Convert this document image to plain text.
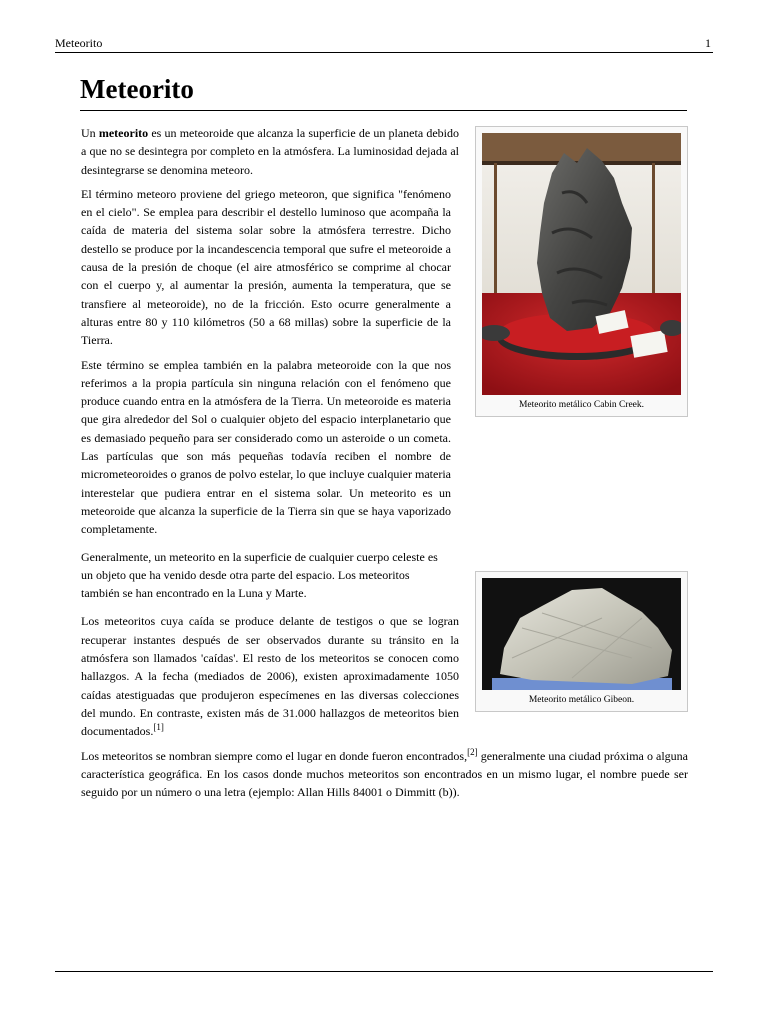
Meteorito	1
Meteorito
Meteorito metálico Cabin Creek.

Un meteorito es un meteoroide que alcanza la superficie de un planeta debido a que no se desintegra por completo en la atmósfera. La luminosidad dejada al desintegrarse se denomina meteoro.

El término meteoro proviene del griego meteoron, que significa "fenómeno en el cielo". Se emplea para describir el destello luminoso que acompaña la caída de materia del sistema solar sobre la atmósfera terrestre. Dicho destello se produce por la incandescencia temporal que sufre el meteoroide a causa de la presión de choque (el aire atmosférico se comprime al chocar con el cuerpo y, al aumentar la presión, aumenta la temperatura, que se transfiere al meteoroide), no de la fricción. Esto ocurre generalmente a alturas entre 80 y 110 kilómetros (50 a 68 millas) sobre la superficie de la Tierra.

Este término se emplea también en la palabra meteoroide con la que nos referimos a la propia partícula sin ninguna relación con el fenómeno que produce cuando entra en la atmósfera de la Tierra. Un meteoroide es materia que gira alrededor del Sol o cualquier objeto del espacio interplanetario que es demasiado pequeño para ser considerado como un asteroide o un cometa. Las partículas que son más pequeñas todavía reciben el nombre de micrometeoroides o granos de polvo estelar, lo que incluye cualquier materia interestelar que pudiera entrar en el sistema solar. Un meteorito es un meteoroide que alcanza la superficie de la Tierra sin que se haya vaporizado completamente.

Meteorito metálico Gibeon.

Generalmente, un meteorito en la superficie de cualquier cuerpo celeste es un objeto que ha venido desde otra parte del espacio. Los meteoritos también se han encontrado en la Luna y Marte.

Los meteoritos cuya caída se produce delante de testigos o que se logran recuperar instantes después de ser observados durante su tránsito en la atmósfera son llamados 'caídas'. El resto de los meteoritos se conocen como hallazgos. A la fecha (mediados de 2006), existen aproximadamente 1050 caídas atestiguadas que produjeron especímenes en las diversas colecciones del mundo. En contraste, existen más de 31.000 hallazgos de meteoritos bien documentados.[1]

Los meteoritos se nombran siempre como el lugar en donde fueron encontrados,[2] generalmente una ciudad próxima o alguna característica geográfica. En los casos donde muchos meteoritos son encontrados en un mismo lugar, el nombre puede ser seguido por un número o una letra (ejemplo: Allan Hills 84001 o Dimmitt (b)).
